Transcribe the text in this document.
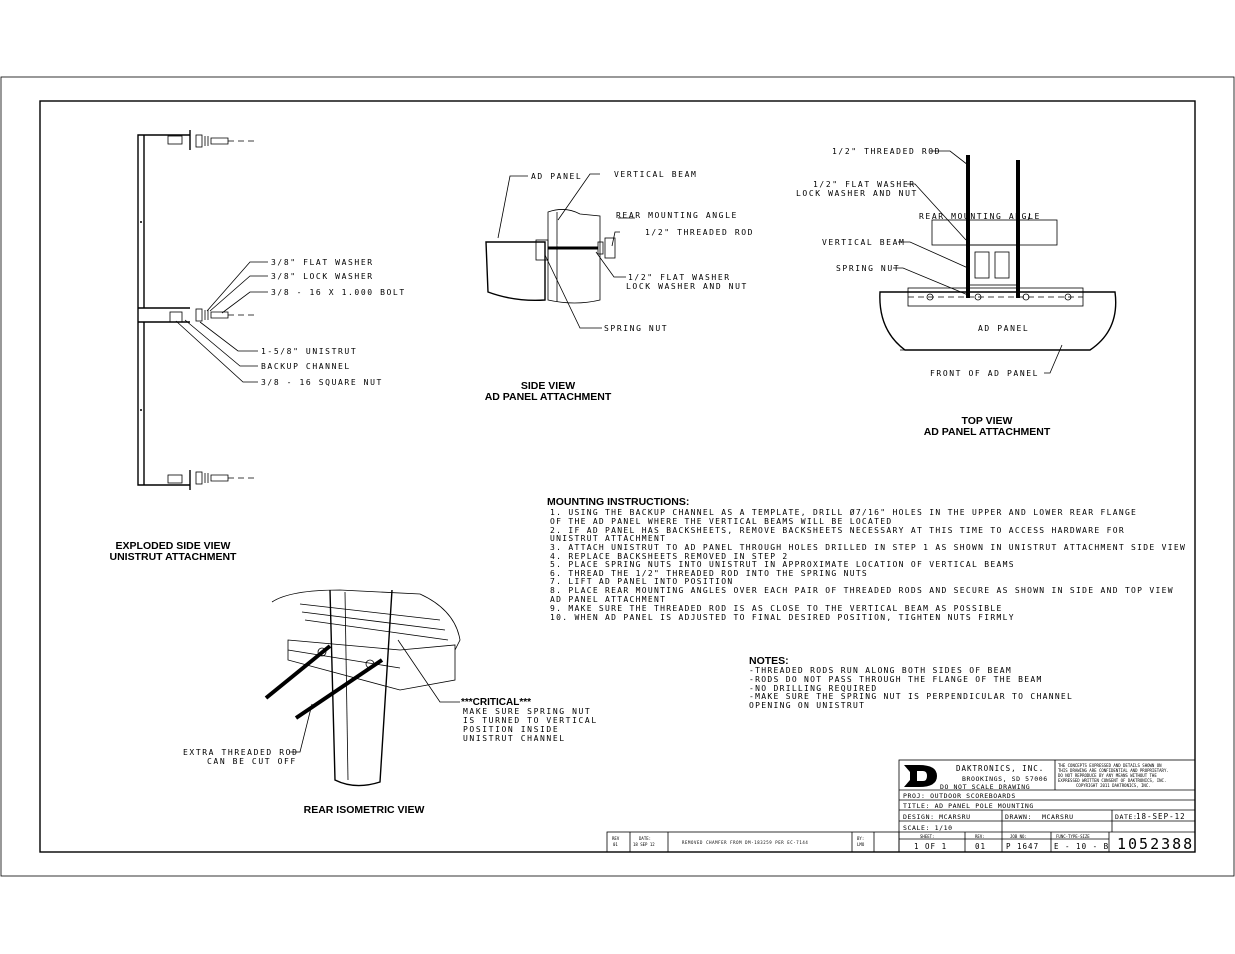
3/8" FLAT WASHER
3/8" LOCK WASHER
3/8 - 16 X 1.000 BOLT
1-5/8" UNISTRUT
BACKUP CHANNEL
3/8 - 16 SQUARE NUT
EXPLODED SIDE VIEW
UNISTRUT ATTACHMENT
AD PANEL	VERTICAL BEAM
REAR MOUNTING ANGLE
1/2" THREADED ROD
1/2" FLAT WASHER
LOCK WASHER AND NUT
SPRING NUT
SIDE VIEW
AD PANEL ATTACHMENT
1/2" THREADED ROD
1/2" FLAT WASHER
LOCK WASHER AND NUT
REAR MOUNTING ANGLE
VERTICAL BEAM
SPRING NUT
AD PANEL
FRONT OF AD PANEL
TOP VIEW
AD PANEL ATTACHMENT
MOUNTING INSTRUCTIONS:
1. USING THE BACKUP CHANNEL AS A TEMPLATE, DRILL Ø7/16" HOLES IN THE UPPER AND LOWER REAR FLANGE
OF THE AD PANEL WHERE THE VERTICAL BEAMS WILL BE LOCATED
2. IF AD PANEL HAS BACKSHEETS, REMOVE BACKSHEETS NECESSARY AT THIS TIME TO ACCESS HARDWARE FOR
UNISTRUT ATTACHMENT
3. ATTACH UNISTRUT TO AD PANEL THROUGH HOLES DRILLED IN STEP 1 AS SHOWN IN UNISTRUT ATTACHMENT SIDE VIEW
4. REPLACE BACKSHEETS REMOVED IN STEP 2
5. PLACE SPRING NUTS INTO UNISTRUT IN APPROXIMATE LOCATION OF VERTICAL BEAMS
6. THREAD THE 1/2" THREADED ROD INTO THE SPRING NUTS
7. LIFT AD PANEL INTO POSITION
8. PLACE REAR MOUNTING ANGLES OVER EACH PAIR OF THREADED RODS AND SECURE AS SHOWN IN SIDE AND TOP VIEW
AD PANEL ATTACHMENT
9. MAKE SURE THE THREADED ROD IS AS CLOSE TO THE VERTICAL BEAM AS POSSIBLE
10. WHEN AD PANEL IS ADJUSTED TO FINAL DESIRED POSITION, TIGHTEN NUTS FIRMLY
NOTES:
-THREADED RODS RUN ALONG BOTH SIDES OF BEAM
-RODS DO NOT PASS THROUGH THE FLANGE OF THE BEAM
-NO DRILLING REQUIRED
-MAKE SURE THE SPRING NUT IS PERPENDICULAR TO CHANNEL
OPENING ON UNISTRUT
***CRITICAL***
MAKE SURE SPRING NUT
IS TURNED TO VERTICAL
POSITION INSIDE
UNISTRUT CHANNEL
EXTRA THREADED ROD
CAN BE CUT OFF
REAR ISOMETRIC VIEW
DAKTRONICS, INC.
BROOKINGS, SD 57006
DO NOT SCALE DRAWING
THE CONCEPTS EXPRESSED AND DETAILS SHOWN ON
THIS DRAWING ARE CONFIDENTIAL AND PROPRIETARY.
DO NOT REPRODUCE BY ANY MEANS WITHOUT THE
EXPRESSED WRITTEN CONSENT OF DAKTRONICS, INC.
COPYRIGHT 2011 DAKTRONICS, INC.
PROJ: OUTDOOR SCOREBOARDS
TITLE: AD PANEL POLE MOUNTING
DESIGN: MCARSRU	DRAWN: MCARSRU	DATE:
18-SEP-12
SCALE: 1/10
SHEET:
1 OF 1
REV:
01
JOB NO:
P 1647
FUNC-TYPE-SIZE
E - 10 - B 1052388
REV
01
DATE:
18 SEP 12	REMOVED CHAMFER FROM DM-183259 PER EC-7144
BY:
LMO
